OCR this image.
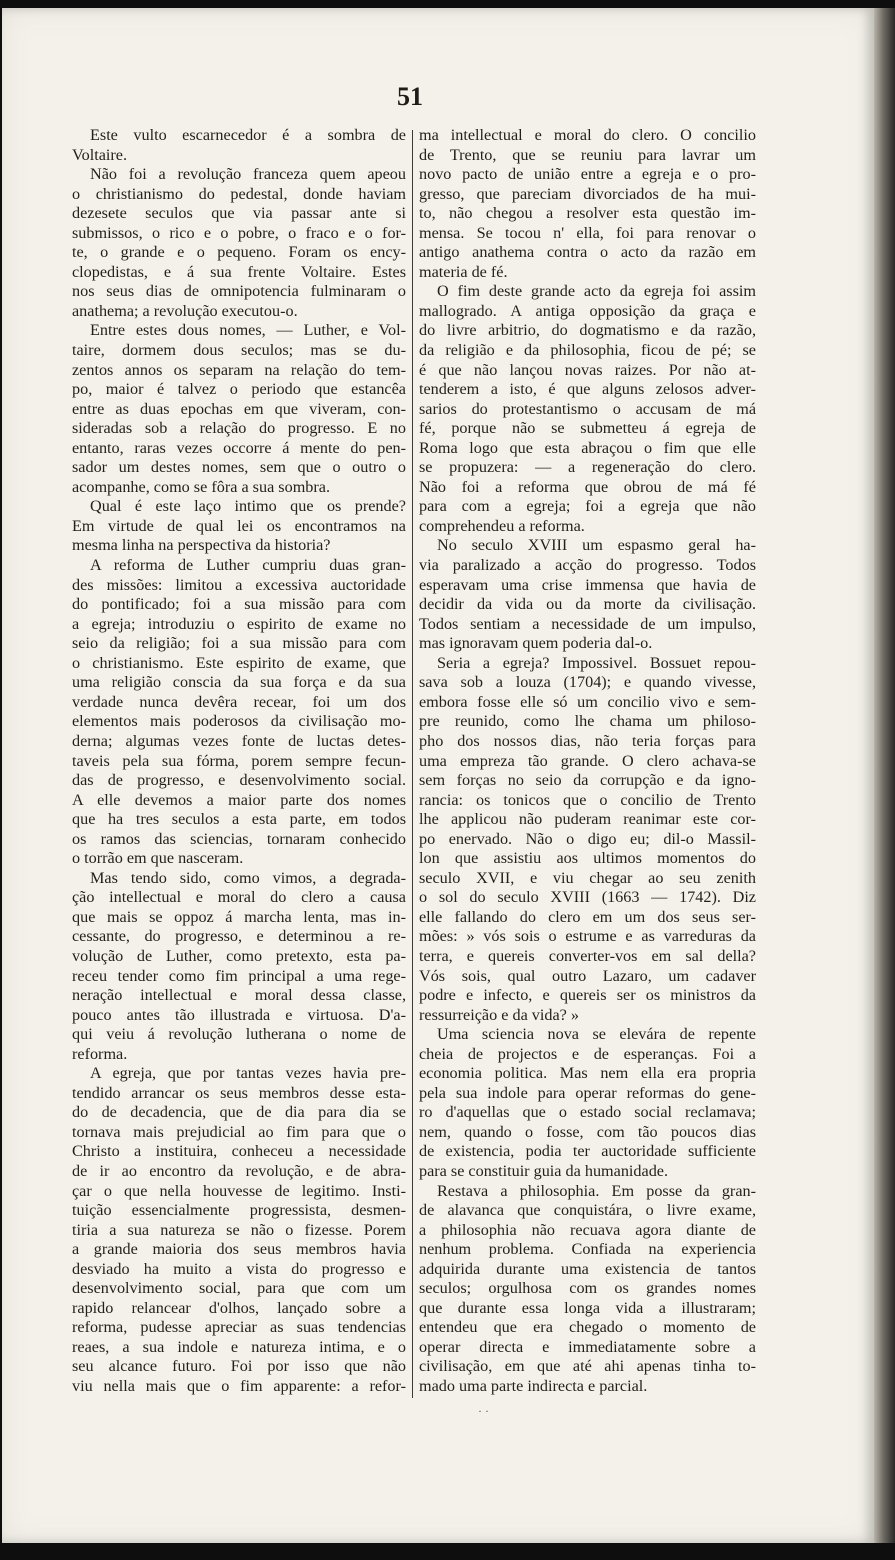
51
Este vulto escarnecedor é a sombra de
Voltaire.
Não foi a revolução franceza quem apeou
o christianismo do pedestal, donde haviam
dezesete seculos que via passar ante si
submissos, o rico e o pobre, o fraco e o for-
te, o grande e o pequeno. Foram os ency-
clopedistas, e á sua frente Voltaire. Estes
nos seus dias de omnipotencia fulminaram o
anathema; a revolução executou-o.
Entre estes dous nomes, — Luther, e Vol-
taire, dormem dous seculos; mas se du-
zentos annos os separam na relação do tem-
po, maior é talvez o periodo que estancêa
entre as duas epochas em que viveram, con-
sideradas sob a relação do progresso. E no
entanto, raras vezes occorre á mente do pen-
sador um destes nomes, sem que o outro o
acompanhe, como se fôra a sua sombra.
Qual é este laço intimo que os prende?
Em virtude de qual lei os encontramos na
mesma linha na perspectiva da historia?
A reforma de Luther cumpriu duas gran-
des missões: limitou a excessiva auctoridade
do pontificado; foi a sua missão para com
a egreja; introduziu o espirito de exame no
seio da religião; foi a sua missão para com
o christianismo. Este espirito de exame, que
uma religião conscia da sua força e da sua
verdade nunca devêra recear, foi um dos
elementos mais poderosos da civilisação mo-
derna; algumas vezes fonte de luctas detes-
taveis pela sua fórma, porem sempre fecun-
das de progresso, e desenvolvimento social.
A elle devemos a maior parte dos nomes
que ha tres seculos a esta parte, em todos
os ramos das sciencias, tornaram conhecido
o torrão em que nasceram.
Mas tendo sido, como vimos, a degrada-
ção intellectual e moral do clero a causa
que mais se oppoz á marcha lenta, mas in-
cessante, do progresso, e determinou a re-
volução de Luther, como pretexto, esta pa-
receu tender como fim principal a uma rege-
neração intellectual e moral dessa classe,
pouco antes tão illustrada e virtuosa. D'a-
qui veiu á revolução lutherana o nome de
reforma.
A egreja, que por tantas vezes havia pre-
tendido arrancar os seus membros desse esta-
do de decadencia, que de dia para dia se
tornava mais prejudicial ao fim para que o
Christo a instituira, conheceu a necessidade
de ir ao encontro da revolução, e de abra-
çar o que nella houvesse de legitimo. Insti-
tuição essencialmente progressista, desmen-
tiria a sua natureza se não o fizesse. Porem
a grande maioria dos seus membros havia
desviado ha muito a vista do progresso e
desenvolvimento social, para que com um
rapido relancear d'olhos, lançado sobre a
reforma, pudesse apreciar as suas tendencias
reaes, a sua indole e natureza intima, e o
seu alcance futuro. Foi por isso que não
viu nella mais que o fim apparente: a refor-
ma intellectual e moral do clero. O concilio
de Trento, que se reuniu para lavrar um
novo pacto de união entre a egreja e o pro-
gresso, que pareciam divorciados de ha mui-
to, não chegou a resolver esta questão im-
mensa. Se tocou n' ella, foi para renovar o
antigo anathema contra o acto da razão em
materia de fé.
O fim deste grande acto da egreja foi assim
mallogrado. A antiga opposição da graça e
do livre arbitrio, do dogmatismo e da razão,
da religião e da philosophia, ficou de pé; se
é que não lançou novas raizes. Por não at-
tenderem a isto, é que alguns zelosos adver-
sarios do protestantismo o accusam de má
fé, porque não se submetteu á egreja de
Roma logo que esta abraçou o fim que elle
se propuzera: — a regeneração do clero.
Não foi a reforma que obrou de má fé
para com a egreja; foi a egreja que não
comprehendeu a reforma.
No seculo XVIII um espasmo geral ha-
via paralizado a acção do progresso. Todos
esperavam uma crise immensa que havia de
decidir da vida ou da morte da civilisação.
Todos sentiam a necessidade de um impulso,
mas ignoravam quem poderia dal-o.
Seria a egreja? Impossivel. Bossuet repou-
sava sob a louza (1704); e quando vivesse,
embora fosse elle só um concilio vivo e sem-
pre reunido, como lhe chama um philoso-
pho dos nossos dias, não teria forças para
uma empreza tão grande. O clero achava-se
sem forças no seio da corrupção e da igno-
rancia: os tonicos que o concilio de Trento
lhe applicou não puderam reanimar este cor-
po enervado. Não o digo eu; dil-o Massil-
lon que assistiu aos ultimos momentos do
seculo XVII, e viu chegar ao seu zenith
o sol do seculo XVIII (1663 — 1742). Diz
elle fallando do clero em um dos seus ser-
mões: » vós sois o estrume e as varreduras da
terra, e quereis converter-vos em sal della?
Vós sois, qual outro Lazaro, um cadaver
podre e infecto, e quereis ser os ministros da
ressurreição e da vida? »
Uma sciencia nova se elevára de repente
cheia de projectos e de esperanças. Foi a
economia politica. Mas nem ella era propria
pela sua indole para operar reformas do gene-
ro d'aquellas que o estado social reclamava;
nem, quando o fosse, com tão poucos dias
de existencia, podia ter auctoridade sufficiente
para se constituir guia da humanidade.
Restava a philosophia. Em posse da gran-
de alavanca que conquistára, o livre exame,
a philosophia não recuava agora diante de
nenhum problema. Confiada na experiencia
adquirida durante uma existencia de tantos
seculos; orgulhosa com os grandes nomes
que durante essa longa vida a illustraram;
entendeu que era chegado o momento de
operar directa e immediatamente sobre a
civilisação, em que até ahi apenas tinha to-
mado uma parte indirecta e parcial.
· ·
